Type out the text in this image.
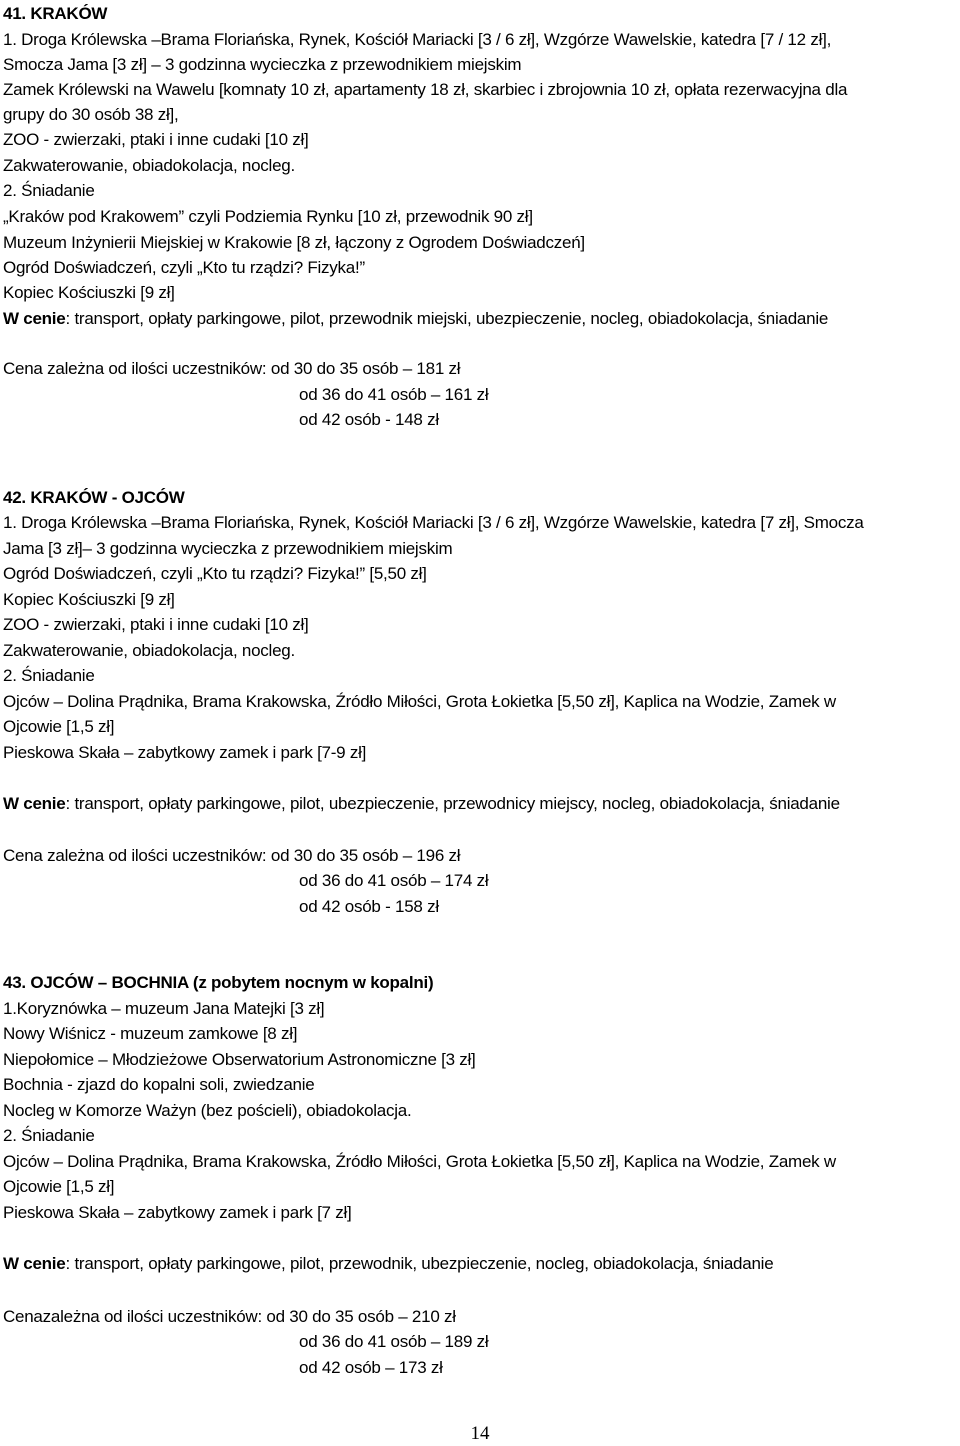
41. KRAKÓW
1. Droga Królewska –Brama Floriańska, Rynek, Kościół Mariacki [3 / 6 zł], Wzgórze Wawelskie, katedra [7 / 12 zł],
Smocza Jama [3 zł] – 3 godzinna wycieczka z przewodnikiem miejskim
Zamek Królewski na Wawelu [komnaty 10 zł, apartamenty 18 zł, skarbiec i zbrojownia 10 zł, opłata rezerwacyjna dla
grupy do 30 osób 38 zł],
ZOO - zwierzaki, ptaki i inne cudaki [10 zł]
Zakwaterowanie, obiadokolacja, nocleg.
2. Śniadanie
„Kraków pod Krakowem” czyli Podziemia Rynku [10 zł, przewodnik 90 zł]
Muzeum Inżynierii Miejskiej w Krakowie [8 zł, łączony z Ogrodem Doświadczeń]
Ogród Doświadczeń, czyli „Kto tu rządzi? Fizyka!”
Kopiec Kościuszki [9 zł]
W cenie: transport, opłaty parkingowe, pilot, przewodnik miejski, ubezpieczenie, nocleg, obiadokolacja, śniadanie
Cena zależna od ilości uczestników: od 30 do 35 osób – 181 zł
od 36 do 41 osób – 161 zł
od 42 osób - 148 zł
42. KRAKÓW - OJCÓW
1. Droga Królewska –Brama Floriańska, Rynek, Kościół Mariacki [3 / 6 zł], Wzgórze Wawelskie, katedra [7 zł], Smocza
Jama [3 zł]– 3 godzinna wycieczka z przewodnikiem miejskim
Ogród Doświadczeń, czyli „Kto tu rządzi? Fizyka!” [5,50 zł]
Kopiec Kościuszki [9 zł]
ZOO - zwierzaki, ptaki i inne cudaki [10 zł]
Zakwaterowanie, obiadokolacja, nocleg.
2. Śniadanie
Ojców – Dolina Prądnika, Brama Krakowska, Źródło Miłości, Grota Łokietka [5,50 zł], Kaplica na Wodzie, Zamek w
Ojcowie [1,5 zł]
Pieskowa Skała – zabytkowy zamek i park [7-9 zł]
W cenie: transport, opłaty parkingowe, pilot, ubezpieczenie, przewodnicy miejscy, nocleg, obiadokolacja, śniadanie
Cena zależna od ilości uczestników: od 30 do 35 osób – 196 zł
od 36 do 41 osób – 174 zł
od 42 osób - 158 zł
43. OJCÓW – BOCHNIA (z pobytem nocnym w kopalni)
1.Koryznówka – muzeum Jana Matejki [3 zł]
Nowy Wiśnicz - muzeum zamkowe [8 zł]
Niepołomice – Młodzieżowe Obserwatorium Astronomiczne [3 zł]
Bochnia - zjazd do kopalni soli, zwiedzanie
Nocleg w Komorze Ważyn (bez pościeli), obiadokolacja.
2. Śniadanie
Ojców – Dolina Prądnika, Brama Krakowska, Źródło Miłości, Grota Łokietka [5,50 zł], Kaplica na Wodzie, Zamek w
Ojcowie [1,5 zł]
Pieskowa Skała – zabytkowy zamek i park [7 zł]
W cenie: transport, opłaty parkingowe, pilot, przewodnik, ubezpieczenie, nocleg, obiadokolacja, śniadanie
Cenazależna od ilości uczestników: od 30 do 35 osób – 210 zł
od 36 do 41 osób – 189 zł
od 42 osób – 173 zł
14
